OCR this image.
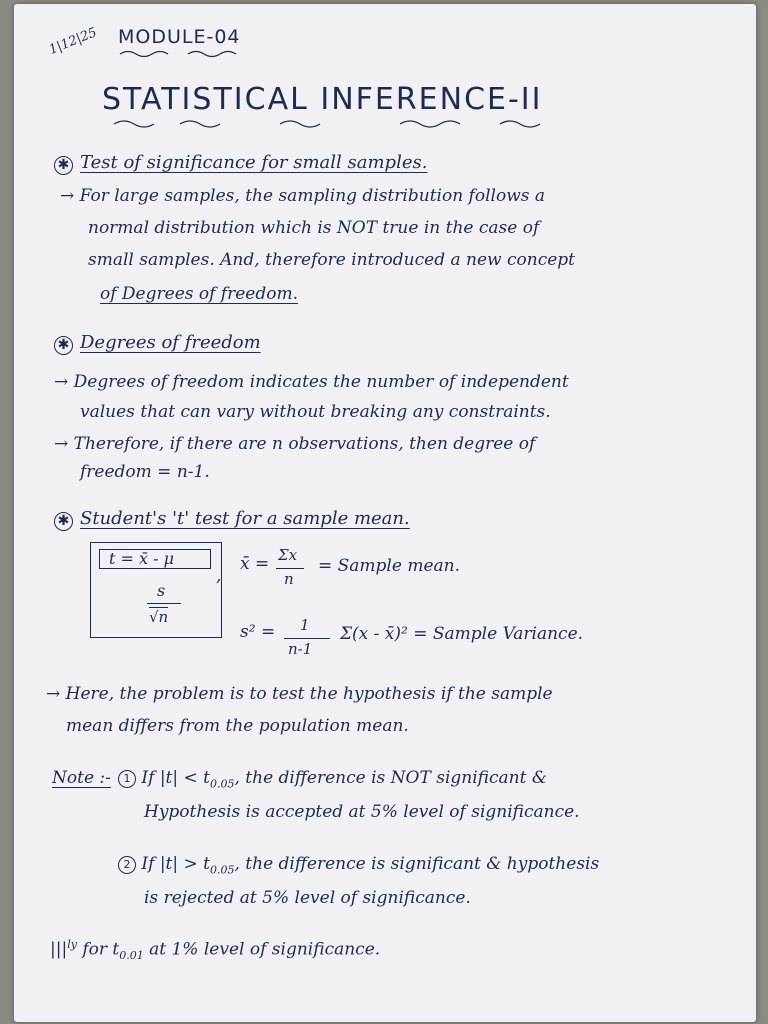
1|12|25 MODULE-04
STATISTICAL INFERENCE-II
✱ Test of significance for small samples.
→ For large samples, the sampling distribution follows a
normal distribution which is NOT true in the case of
small samples. And, therefore introduced a new concept
of Degrees of freedom.
✱ Degrees of freedom
→ Degrees of freedom indicates the number of independent
values that can vary without breaking any constraints.
→ Therefore, if there are n observations, then degree of
freedom = n-1.
✱ Student's 't' test for a sample mean.
t = x̄ - μ
s
√n
,
x̄ = Σx
n
= Sample mean.
s² = 1
n-1
Σ(x - x̄)² = Sample Variance.
→ Here, the problem is to test the hypothesis if the sample
mean differs from the population mean.
Note :-	1 If $|t| < t_{0.05}$, the difference is NOT significant &
Hypothesis is accepted at 5% level of significance.
2 If $|t| > t_{0.05}$, the difference is significant & hypothesis
is rejected at 5% level of significance.
$|||^{ly}$ for $t_{0.01}$ at 1% level of significance.
